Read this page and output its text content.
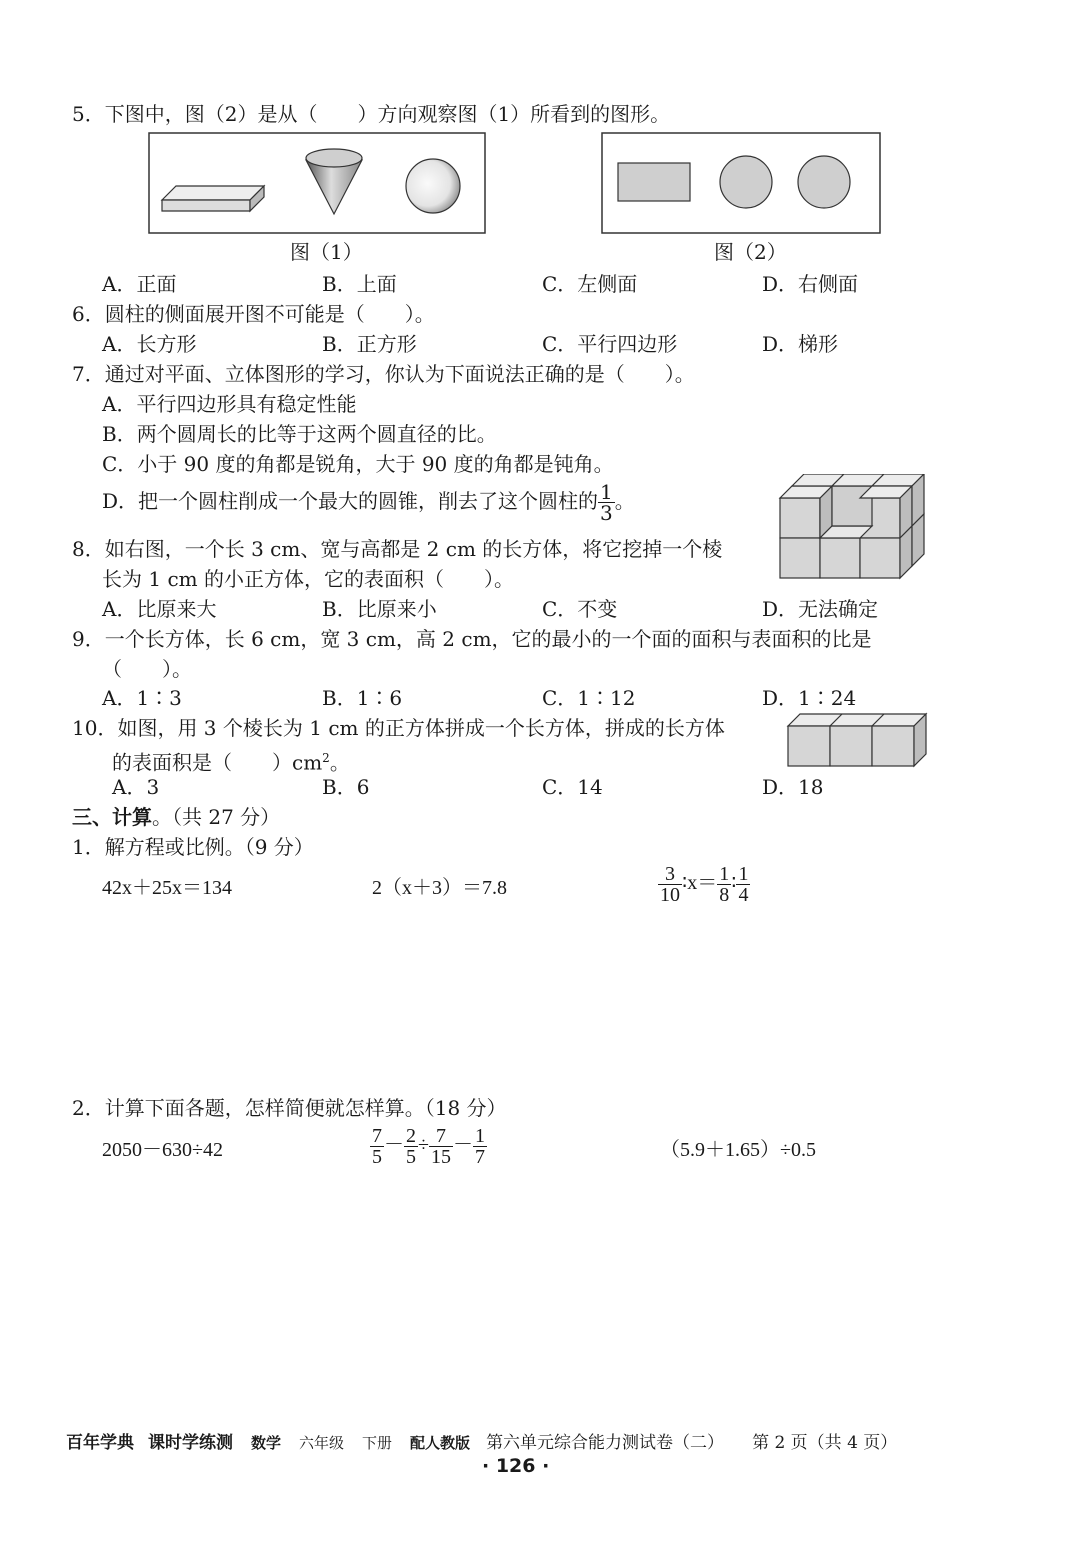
5．下图中，图（2）是从（　　）方向观察图（1）所看到的图形。
图（1）	图（2）
A．正面	B．上面	C．左侧面	D．右侧面
6．圆柱的侧面展开图不可能是（　　）。
A．长方形	B．正方形	C．平行四边形	D．梯形
7．通过对平面、立体图形的学习，你认为下面说法正确的是（　　）。
A．平行四边形具有稳定性能
B．两个圆周长的比等于这两个圆直径的比。
C．小于 90 度的角都是锐角，大于 90 度的角都是钝角。
D．把一个圆柱削成一个最大的圆锥，削去了这个圆柱的 $\frac{1}{3}$ 。
8．如右图，一个长 3 cm、宽与高都是 2 cm 的长方体，将它挖掉一个棱
长为 1 cm 的小正方体，它的表面积（　　）。
A．比原来大	B．比原来小	C．不变	D．无法确定
9．一个长方体，长 6 cm，宽 3 cm，高 2 cm，它的最小的一个面的面积与表面积的比是
（　　）。
A．1∶3	B．1∶6	C．1∶12	D．1∶24
10．如图，用 3 个棱长为 1 cm 的正方体拼成一个长方体，拼成的长方体
的表面积是（　　）$cm^2$。
A．3	B．6	C．14	D．18
三、计算。（共 27 分）
1．解方程或比例。（9 分）
42x＋25x＝134	2（x＋3）＝7.8	$\frac{3}{10}$ ∶x＝ $\frac{1}{8}$ ∶ $\frac{1}{4}$
2．计算下面各题，怎样简便就怎样算。（18 分）
2050－630÷42	$\frac{7}{5} - \frac{2}{5} \div \frac{7}{15} - \frac{1}{7}$	（5.9＋1.65）÷0.5
百年学典 课时学练测 数学 六年级 下册 配人教版 第六单元综合能力测试卷（二） 第 2 页（共 4 页）
· 126 ·
